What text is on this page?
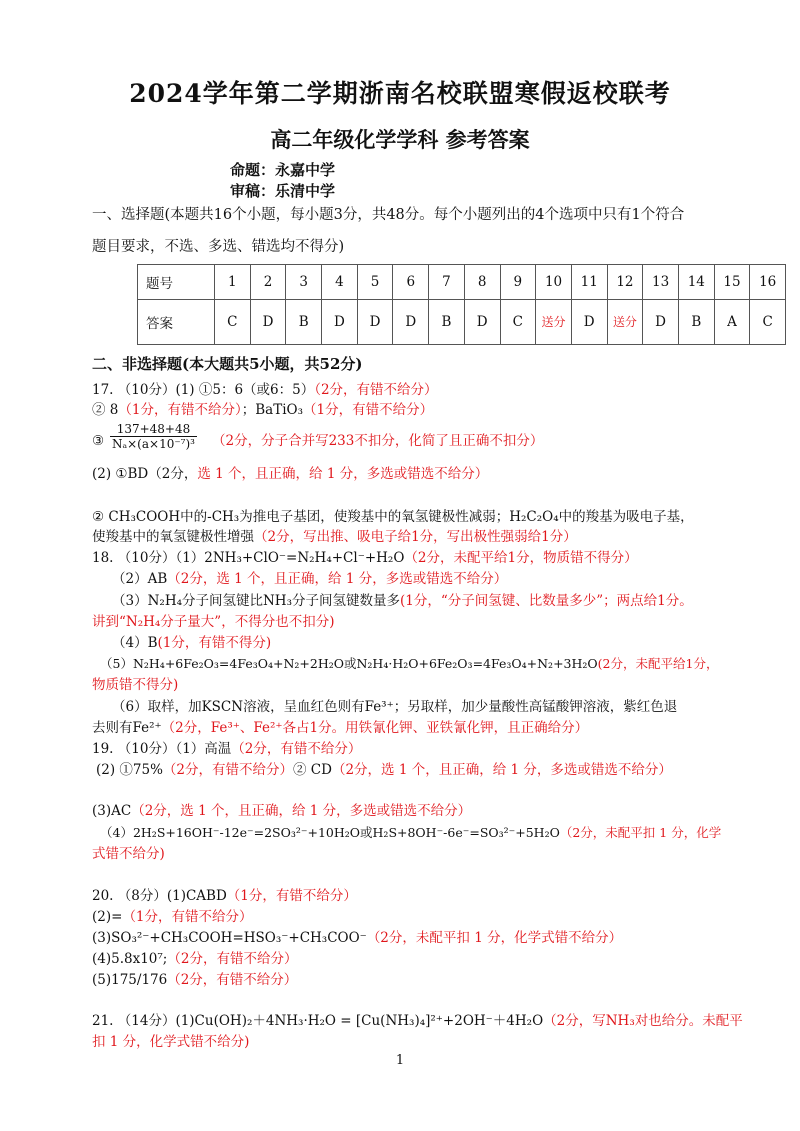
2024学年第二学期浙南名校联盟寒假返校联考
高二年级化学学科 参考答案
命题：永嘉中学
审稿：乐清中学
一、选择题(本题共16个小题，每小题3分，共48分。每个小题列出的4个选项中只有1个符合
题目要求，不选、多选、错选均不得分)
题号	1	2	3	4	5	6	7	8	9	10	11	12	13	14	15	16
答案	C	D	B	D	D	D	B	D	C	送分	D	送分	D	B	A	C
二、非选择题(本大题共5小题，共52分)
17. （10分）(1) ①5：6（或6：5）（2分，有错不给分）
② 8（1分，有错不给分）；BaTiO₃（1分，有错不给分）
③ $\frac{137+48+48}{\text{Nₐ×(a×10⁻⁷)³}} (2$分，分子合并写233不扣分，化简了且正确不扣分）
(2) ①BD（2分，选 1 个，且正确，给 1 分，多选或错选不给分）
② CH₃COOH中的-CH₃为推电子基团，使羧基中的氧氢键极性减弱；H₂C₂O₄中的羧基为吸电子基，
使羧基中的氧氢键极性增强（2分，写出推、吸电子给1分，写出极性强弱给1分）
18. （10分）（1）2NH₃+ClO⁻=N₂H₄+Cl⁻+H₂O（2分，未配平给1分，物质错不得分）
（2）AB（2分，选 1 个，且正确，给 1 分，多选或错选不给分）
（3）N₂H₄分子间氢键比NH₃分子间氢键数量多(1分，“分子间氢键、比数量多少”；两点给1分。
讲到“N₂H₄分子量大”，不得分也不扣分)
（4）B(1分，有错不得分)
（5）N₂H₄+6Fe₂O₃=4Fe₃O₄+N₂+2H₂O或N₂H₄·H₂O+6Fe₂O₃=4Fe₃O₄+N₂+3H₂O(2分，未配平给1分，
物质错不得分)
（6）取样，加KSCN溶液，呈血红色则有Fe³⁺；另取样，加少量酸性高锰酸钾溶液，紫红色退
去则有Fe²⁺（2分，Fe³⁺、Fe²⁺各占1分。用铁氰化钾、亚铁氰化钾，且正确给分）
19. （10分）（1）高温（2分，有错不给分）
(2) ①75%（2分，有错不给分）② CD（2分，选 1 个，且正确，给 1 分，多选或错选不给分）
(3)AC（2分，选 1 个，且正确，给 1 分，多选或错选不给分）
（4）2H₂S+16OH⁻-12e⁻=2SO₃²⁻+10H₂O或H₂S+8OH⁻-6e⁻=SO₃²⁻+5H₂O（2分，未配平扣 1 分，化学
式错不给分)
20. （8分）(1)CABD（1分，有错不给分）
(2)=（1分，有错不给分）
(3)SO₃²⁻+CH₃COOH=HSO₃⁻+CH₃COO⁻（2分，未配平扣 1 分，化学式错不给分）
(4)5.8x10⁷;（2分，有错不给分）
(5)175/176（2分，有错不给分）
21. （14分）(1)Cu(OH)₂＋4NH₃·H₂O = [Cu(NH₃)₄]²⁺+2OH⁻＋4H₂O（2分，写NH₃对也给分。未配平
扣 1 分，化学式错不给分)
1
